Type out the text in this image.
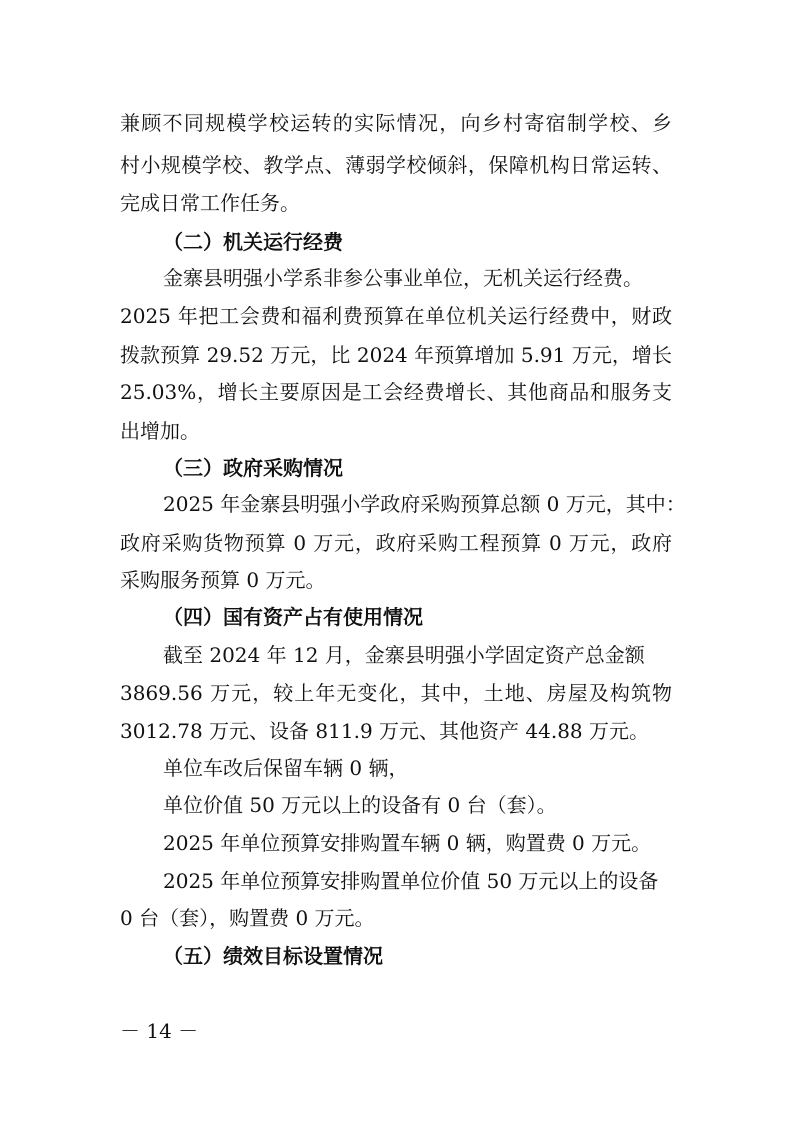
兼顾不同规模学校运转的实际情况，向乡村寄宿制学校、乡
村小规模学校、教学点、薄弱学校倾斜，保障机构日常运转、
完成日常工作任务。
（二）机关运行经费
金寨县明强小学系非参公事业单位，无机关运行经费。
2025 年把工会费和福利费预算在单位机关运行经费中，财政
拨款预算 29.52 万元，比 2024 年预算增加 5.91 万元，增长
25.03%，增长主要原因是工会经费增长、其他商品和服务支
出增加。
（三）政府采购情况
2025 年金寨县明强小学政府采购预算总额 0 万元，其中：
政府采购货物预算 0 万元，政府采购工程预算 0 万元，政府
采购服务预算 0 万元。
（四）国有资产占有使用情况
截至 2024 年 12 月，金寨县明强小学固定资产总金额
3869.56 万元，较上年无变化，其中，土地、房屋及构筑物
3012.78 万元、设备 811.9 万元、其他资产 44.88 万元。
单位车改后保留车辆 0 辆，
单位价值 50 万元以上的设备有 0 台（套）。
2025 年单位预算安排购置车辆 0 辆，购置费 0 万元。
2025 年单位预算安排购置单位价值 50 万元以上的设备
0 台（套），购置费 0 万元。
（五）绩效目标设置情况
－ 14 －
